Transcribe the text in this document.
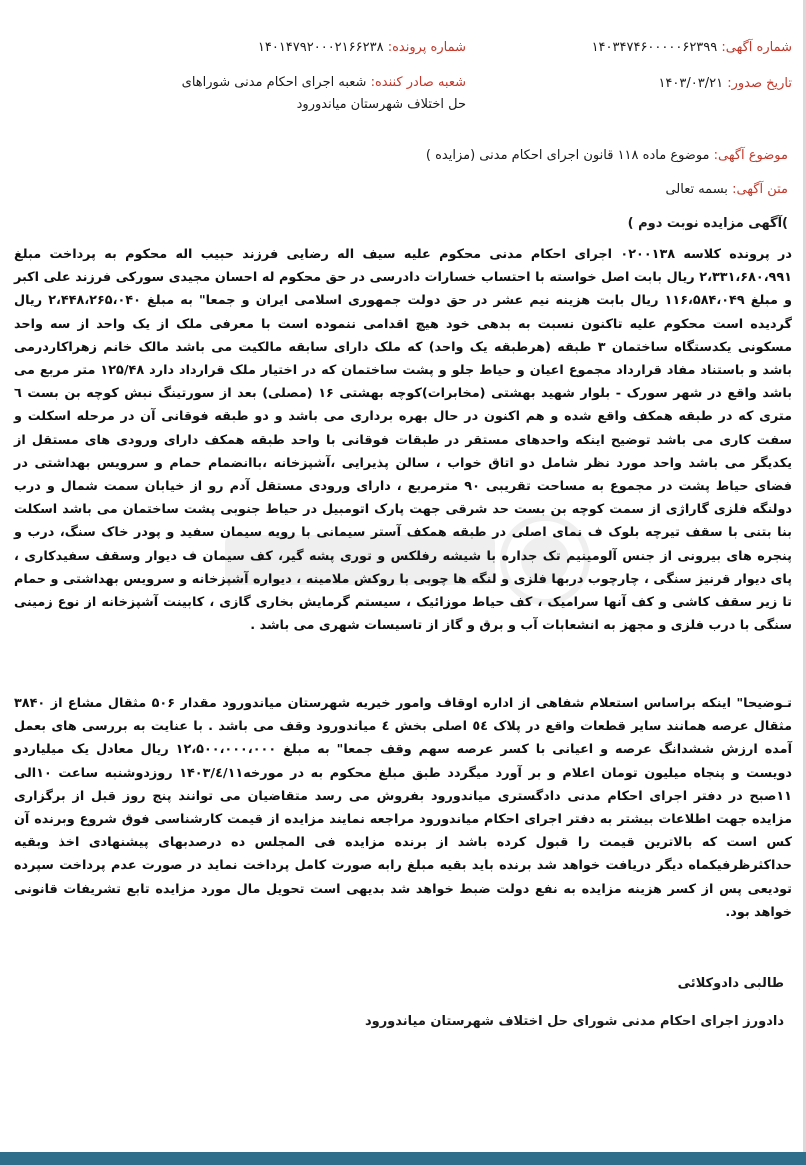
شماره آگهی: ۱۴۰۳۴۷۴۶۰۰۰۰۰۶۲۳۹۹
شماره پرونده: ۱۴۰۱۴۷۹۲۰۰۰۲۱۶۶۲۳۸
تاریخ صدور: ۱۴۰۳/۰۳/۲۱
شعبه صادر کننده: شعبه اجرای احکام مدنی شوراهای حل اختلاف شهرستان میاندورود
موضوع آگهی: موضوع ماده ۱۱۸ قانون اجرای احکام مدنی (مزایده )
متن آگهی: بسمه تعالی
)آگهی مزایده نوبت دوم )

در پرونده کلاسه ۰۲۰۰۱۳۸ اجرای احکام مدنی محکوم علیه سیف اله رضایی فرزند حبیب اله محکوم به پرداخت مبلغ ۲،۳۳۱،۶۸۰،۹۹۱ ریال بابت اصل خواسته با احتساب خسارات دادرسی در حق محکوم له احسان مجیدی سورکی فرزند علی اکبر و مبلغ ۱۱۶،۵۸۴،۰۴۹ ریال بابت هزینه نیم عشر در حق دولت جمهوری اسلامی ایران و جمعا" به مبلغ ۲،۴۴۸،۲۶۵،۰۴۰ ریال گردیده است محکوم علیه تاکنون نسبت به بدهی خود هیچ اقدامی ننموده است با معرفی ملک از یک واحد از سه واحد مسکونی یکدستگاه ساختمان ۳ طبقه (هرطبقه یک واحد) که ملک دارای سابقه مالکیت می باشد مالک خانم زهراکاردرمی باشد و باستناد مفاد قرارداد مجموع اعیان و حیاط جلو و پشت ساختمان که در اختیار ملک قرارداد دارد ۱۲۵/۴۸ متر مربع می باشد واقع در شهر سورک - بلوار شهید بهشتی (مخابرات)کوچه بهشتی ۱۶ (مصلی) بعد از سورتینگ نبش کوچه بن بست ٦ متری که در طبقه همکف واقع شده و هم اکنون در حال بهره برداری می باشد و دو طبقه فوقانی آن در مرحله اسکلت و سفت کاری می باشد توضیح اینکه واحدهای مستقر در طبقات فوقانی با واحد طبقه همکف دارای ورودی های مستقل از یکدیگر می باشد واحد مورد نظر شامل دو اتاق خواب ، سالن پذیرایی ،آشپزخانه ،باانضمام حمام و سرویس بهداشتی در فضای حیاط پشت در مجموع به مساحت تقریبی ۹۰ مترمربع ، دارای ورودی مستقل آدم رو از خیابان سمت شمال و درب دولنگه فلزی گاراژی از سمت کوچه بن بست حد شرقی جهت پارک اتومبیل در حیاط جنوبی پشت ساختمان می باشد اسکلت بنا بتنی با سقف تیرچه بلوک ف نمای اصلی در طبقه همکف آستر سیمانی با رویه سیمان سفید و پودر خاک سنگ، درب و پنجره های بیرونی از جنس آلومینیم تک جداره با شیشه رفلکس و توری پشه گیر، کف سیمان ف دیوار وسقف سفیدکاری ، پای دیوار قرنیز سنگی ، چارچوب دربها فلزی و لنگه ها چوبی با روکش ملامینه ، دیواره آشپزخانه و سرویس بهداشتی و حمام تا زیر سقف کاشی و کف آنها سرامیک ، کف حیاط موزائیک ، سیستم گرمایش بخاری گازی ، کابینت آشپزخانه از نوع زمینی سنگی با درب فلزی و مجهز به انشعابات آب و برق و گاز از تاسیسات شهری می باشد .

تـوضیحا" اینکه براساس استعلام شفاهی از اداره اوقاف وامور خیریه شهرستان میاندورود مقدار ۵۰۶ مثقال مشاع از ۳۸۴۰ مثقال عرصه همانند سایر قطعات واقع در پلاک ٥٤ اصلی بخش ٤ میاندورود وقف می باشد . با عنایت به بررسی های بعمل آمده ارزش ششدانگ عرصه و اعیانی با کسر عرصه سهم وقف جمعا" به مبلغ ۱۲،۵۰۰،۰۰۰،۰۰۰ ریال معادل یک میلیاردو دویست و پنجاه میلیون تومان اعلام و بر آورد میگردد طبق مبلغ محکوم به در مورخه۱۴۰۳/٤/۱۱ روزدوشنبه ساعت ۱۰الی ۱۱صبح در دفتر اجرای احکام مدنی دادگستری میاندورود بفروش می رسد متقاضیان می توانند پنج روز قبل از برگزاری مزایده جهت اطلاعات بیشتر به دفتر اجرای احکام میاندورود مراجعه نمایند مزایده از قیمت کارشناسی فوق شروع وبرنده آن کس است که بالاترین قیمت را قبول کرده باشد از برنده مزایده فی المجلس ده درصدبهای پیشنهادی اخذ وبقیه حداکثرظرفیکماه دیگر دریافت خواهد شد برنده باید بقیه مبلغ رابه صورت کامل پرداخت نماید در صورت عدم پرداخت سپرده تودیعی پس از کسر هزینه مزایده به نفع دولت ضبط خواهد شد بدیهی است تحویل مال مورد مزایده تابع تشریفات قانونی خواهد بود.

طالبی دادوکلائی
دادورز اجرای احکام مدنی شورای حل اختلاف شهرستان میاندورود
